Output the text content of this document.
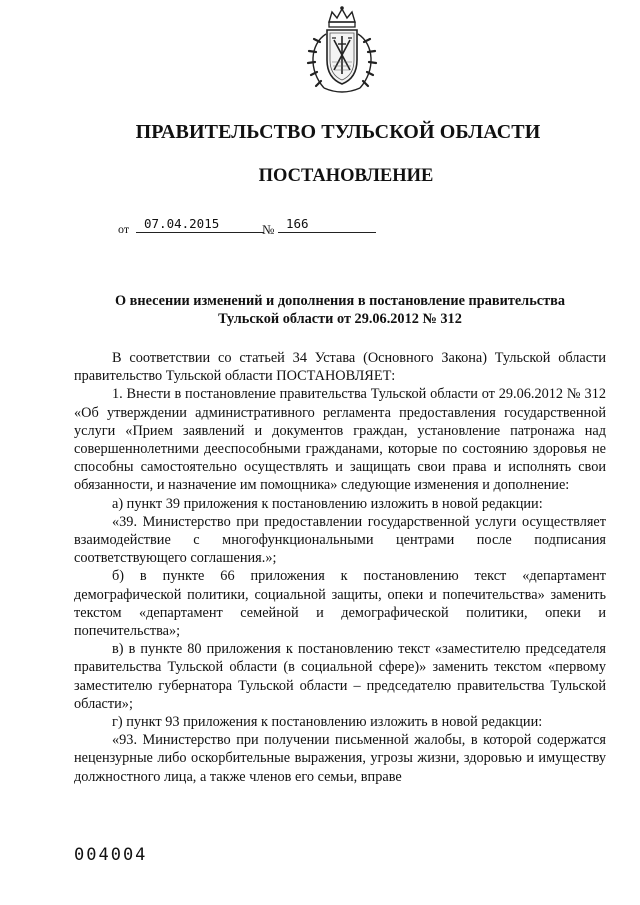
ПРАВИТЕЛЬСТВО ТУЛЬСКОЙ ОБЛАСТИ
ПОСТАНОВЛЕНИЕ
от	07.04.2015	№ 166
О внесении изменений и дополнения в постановление правительства
Тульской области от 29.06.2012 № 312

В соответствии со статьей 34 Устава (Основного Закона) Тульской области правительство Тульской области ПОСТАНОВЛЯЕТ:

1. Внести в постановление правительства Тульской области от 29.06.2012 № 312 «Об утверждении административного регламента предоставления государственной услуги «Прием заявлений и документов граждан, установление патронажа над совершеннолетними дееспособными гражданами, которые по состоянию здоровья не способны самостоятельно осуществлять и защищать свои права и исполнять свои обязанности, и назначение им помощника» следующие изменения и дополнение:

а) пункт 39 приложения к постановлению изложить в новой редакции:

«39. Министерство при предоставлении государственной услуги осуществляет взаимодействие с многофункциональными центрами после подписания соответствующего соглашения.»;

б) в пункте 66 приложения к постановлению текст «департамент демографической политики, социальной защиты, опеки и попечительства» заменить текстом «департамент семейной и демографической политики, опеки и попечительства»;

в) в пункте 80 приложения к постановлению текст «заместителю председателя правительства Тульской области (в социальной сфере)» заменить текстом «первому заместителю губернатора Тульской области – председателю правительства Тульской области»;

г) пункт 93 приложения к постановлению изложить в новой редакции:

«93. Министерство при получении письменной жалобы, в которой содержатся нецензурные либо оскорбительные выражения, угрозы жизни, здоровью и имуществу должностного лица, а также членов его семьи, вправе

004004
